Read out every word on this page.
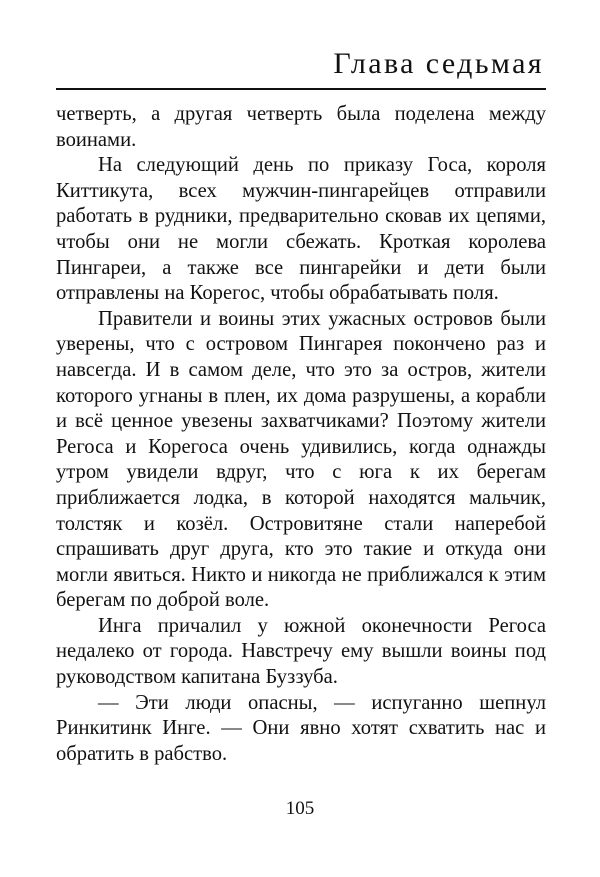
Глава седьмая

четверть, а другая четверть была поделена между воинами.

На следующий день по приказу Госа, короля Киттикута, всех мужчин-пингарейцев отправили работать в рудники, предварительно сковав их цепями, чтобы они не могли сбежать. Кроткая королева Пингареи, а также все пингарейки и дети были отправлены на Корегос, чтобы обрабатывать поля.

Правители и воины этих ужасных островов были уверены, что с островом Пингарея покончено раз и навсегда. И в самом деле, что это за остров, жители которого угнаны в плен, их дома разрушены, а корабли и всё ценное увезены захватчиками? Поэтому жители Регоса и Корегоса очень удивились, когда однажды утром увидели вдруг, что с юга к их берегам приближается лодка, в которой находятся мальчик, толстяк и козёл. Островитяне стали наперебой спрашивать друг друга, кто это такие и откуда они могли явиться. Никто и никогда не приближался к этим берегам по доброй воле.

Инга причалил у южной оконечности Регоса недалеко от города. Навстречу ему вышли воины под руководством капитана Буззуба.

— Эти люди опасны, — испуганно шепнул Ринкитинк Инге. — Они явно хотят схватить нас и обратить в рабство.

105
